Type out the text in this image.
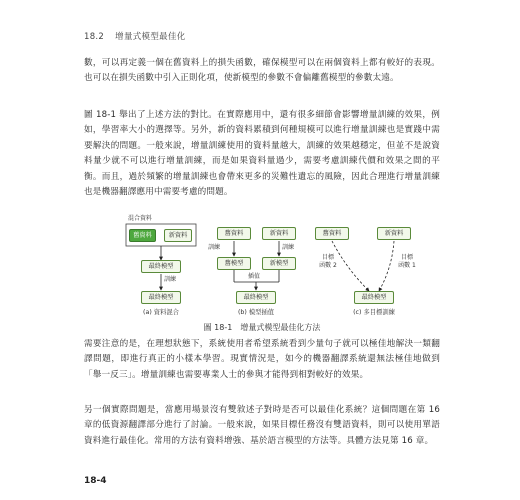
18.2 增量式模型最佳化

數，可以再定義一個在舊資料上的損失函數，確保模型可以在兩個資料上都有較好的表現。也可以在損失函數中引入正則化項，使新模型的參數不會偏離舊模型的參數太遠。

圖 18-1 舉出了上述方法的對比。在實際應用中，還有很多細節會影響增量訓練的效果，例如，學習率大小的選擇等。另外，新的資料累積到何種規模可以進行增量訓練也是實踐中需要解決的問題。一般來說，增量訓練使用的資料量越大，訓練的效果越穩定，但並不是說資料量少就不可以進行增量訓練，而是如果資料量過少，需要考慮訓練代價和效果之間的平衡。而且，過於頻繁的增量訓練也會帶來更多的災難性遺忘的風險，因此合理進行增量訓練也是機器翻譯應用中需要考慮的問題。

混合資料
舊資料	新資料
訓練
最終模型
最終模型
(a) 資料混合
舊資料	新資料
訓練	訓練
舊模型	新模型
插值
最終模型
(b) 模型插值
舊資料	新資料
目標
函數 2
目標
函數 1
最終模型
(c) 多目標訓練
圖 18-1 增量式模型最佳化方法

需要注意的是，在理想狀態下，系統使用者希望系統看到少量句子就可以極佳地解決一類翻譯問題，即進行真正的小樣本學習。現實情況是，如今的機器翻譯系統還無法極佳地做到「舉一反三」。增量訓練也需要專業人士的參與才能得到相對較好的效果。

另一個實際問題是，當應用場景沒有雙敘述子對時是否可以最佳化系統？這個問題在第 16 章的低資源翻譯部分進行了討論。一般來說，如果目標任務沒有雙語資料，則可以使用單語資料進行最佳化。常用的方法有資料增強、基於語言模型的方法等。具體方法見第 16 章。

18-4
